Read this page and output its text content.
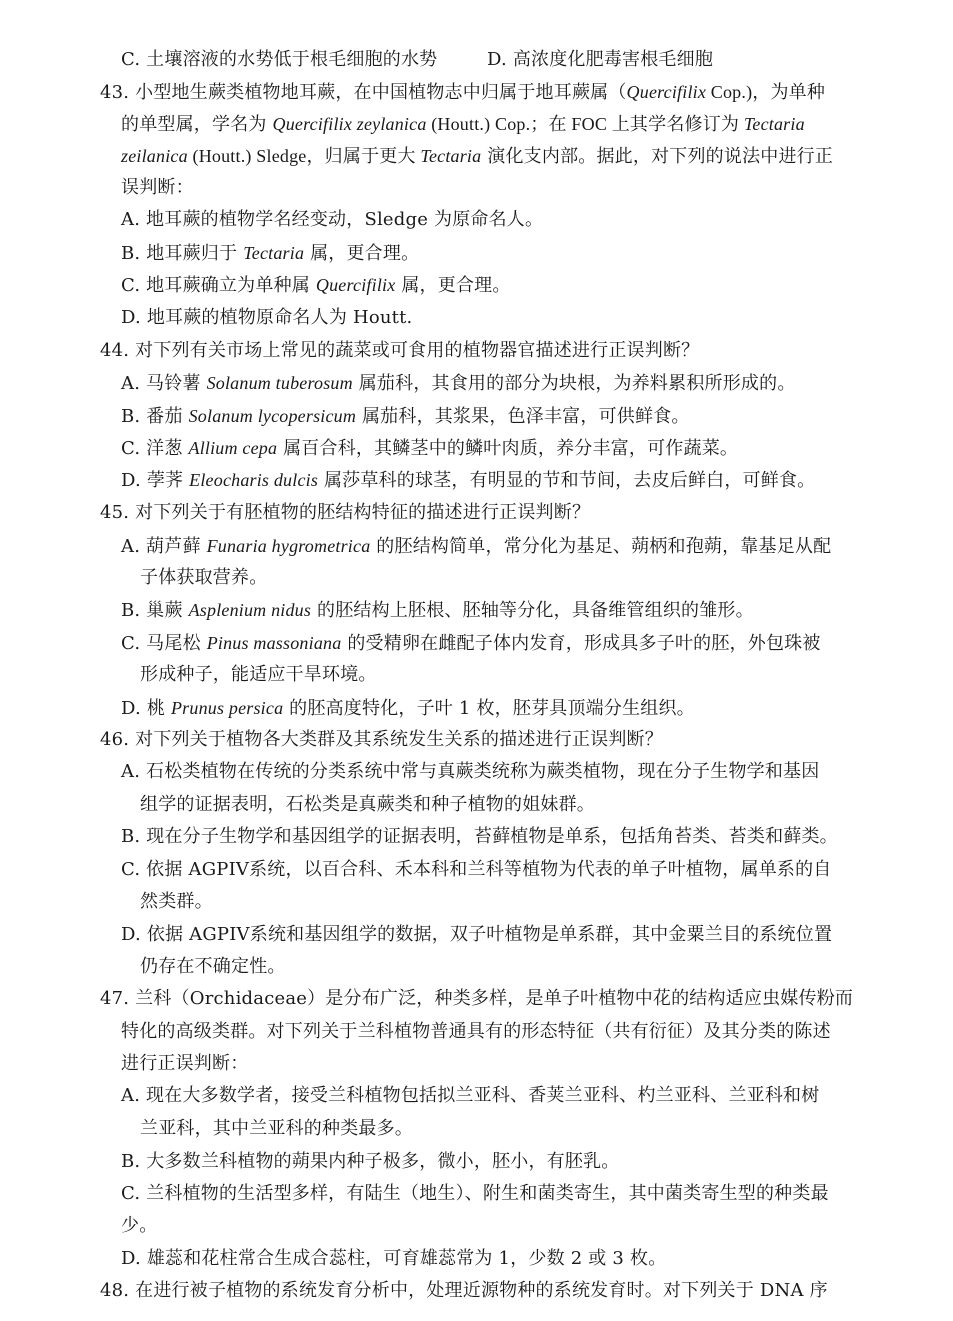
C. 土壤溶液的水势低于根毛细胞的水势	D. 高浓度化肥毒害根毛细胞
43. 小型地生蕨类植物地耳蕨，在中国植物志中归属于地耳蕨属（Quercifilix Cop.)，为单种
的单型属，学名为 Quercifilix zeylanica (Houtt.) Cop.；在 FOC 上其学名修订为 Tectaria
zeilanica (Houtt.) Sledge，归属于更大 Tectaria 演化支内部。据此，对下列的说法中进行正
误判断：
A. 地耳蕨的植物学名经变动，Sledge 为原命名人。
B. 地耳蕨归于 Tectaria 属，更合理。
C. 地耳蕨确立为单种属 Quercifilix 属，更合理。
D. 地耳蕨的植物原命名人为 Houtt.
44. 对下列有关市场上常见的蔬菜或可食用的植物器官描述进行正误判断？
A. 马铃薯 Solanum tuberosum 属茄科，其食用的部分为块根，为养料累积所形成的。
B. 番茄 Solanum lycopersicum 属茄科，其浆果，色泽丰富，可供鲜食。
C. 洋葱 Allium cepa 属百合科，其鳞茎中的鳞叶肉质，养分丰富，可作蔬菜。
D. 荸荠 Eleocharis dulcis 属莎草科的球茎，有明显的节和节间，去皮后鲜白，可鲜食。
45. 对下列关于有胚植物的胚结构特征的描述进行正误判断？
A. 葫芦藓 Funaria hygrometrica 的胚结构简单，常分化为基足、蒴柄和孢蒴，靠基足从配
子体获取营养。
B. 巢蕨 Asplenium nidus 的胚结构上胚根、胚轴等分化，具备维管组织的雏形。
C. 马尾松 Pinus massoniana 的受精卵在雌配子体内发育，形成具多子叶的胚，外包珠被
形成种子，能适应干旱环境。
D. 桃 Prunus persica 的胚高度特化，子叶 1 枚，胚芽具顶端分生组织。
46. 对下列关于植物各大类群及其系统发生关系的描述进行正误判断？
A. 石松类植物在传统的分类系统中常与真蕨类统称为蕨类植物，现在分子生物学和基因
组学的证据表明，石松类是真蕨类和种子植物的姐妹群。
B. 现在分子生物学和基因组学的证据表明，苔藓植物是单系，包括角苔类、苔类和藓类。
C. 依据 AGPIV系统，以百合科、禾本科和兰科等植物为代表的单子叶植物，属单系的自
然类群。
D. 依据 AGPIV系统和基因组学的数据，双子叶植物是单系群，其中金粟兰目的系统位置
仍存在不确定性。
47. 兰科（Orchidaceae）是分布广泛，种类多样，是单子叶植物中花的结构适应虫媒传粉而
特化的高级类群。对下列关于兰科植物普通具有的形态特征（共有衍征）及其分类的陈述
进行正误判断：
A. 现在大多数学者，接受兰科植物包括拟兰亚科、香荚兰亚科、杓兰亚科、兰亚科和树
兰亚科，其中兰亚科的种类最多。
B. 大多数兰科植物的蒴果内种子极多，微小，胚小，有胚乳。
C. 兰科植物的生活型多样，有陆生（地生）、附生和菌类寄生，其中菌类寄生型的种类最
少。
D. 雄蕊和花柱常合生成合蕊柱，可育雄蕊常为 1，少数 2 或 3 枚。
48. 在进行被子植物的系统发育分析中，处理近源物种的系统发育时。对下列关于 DNA 序
